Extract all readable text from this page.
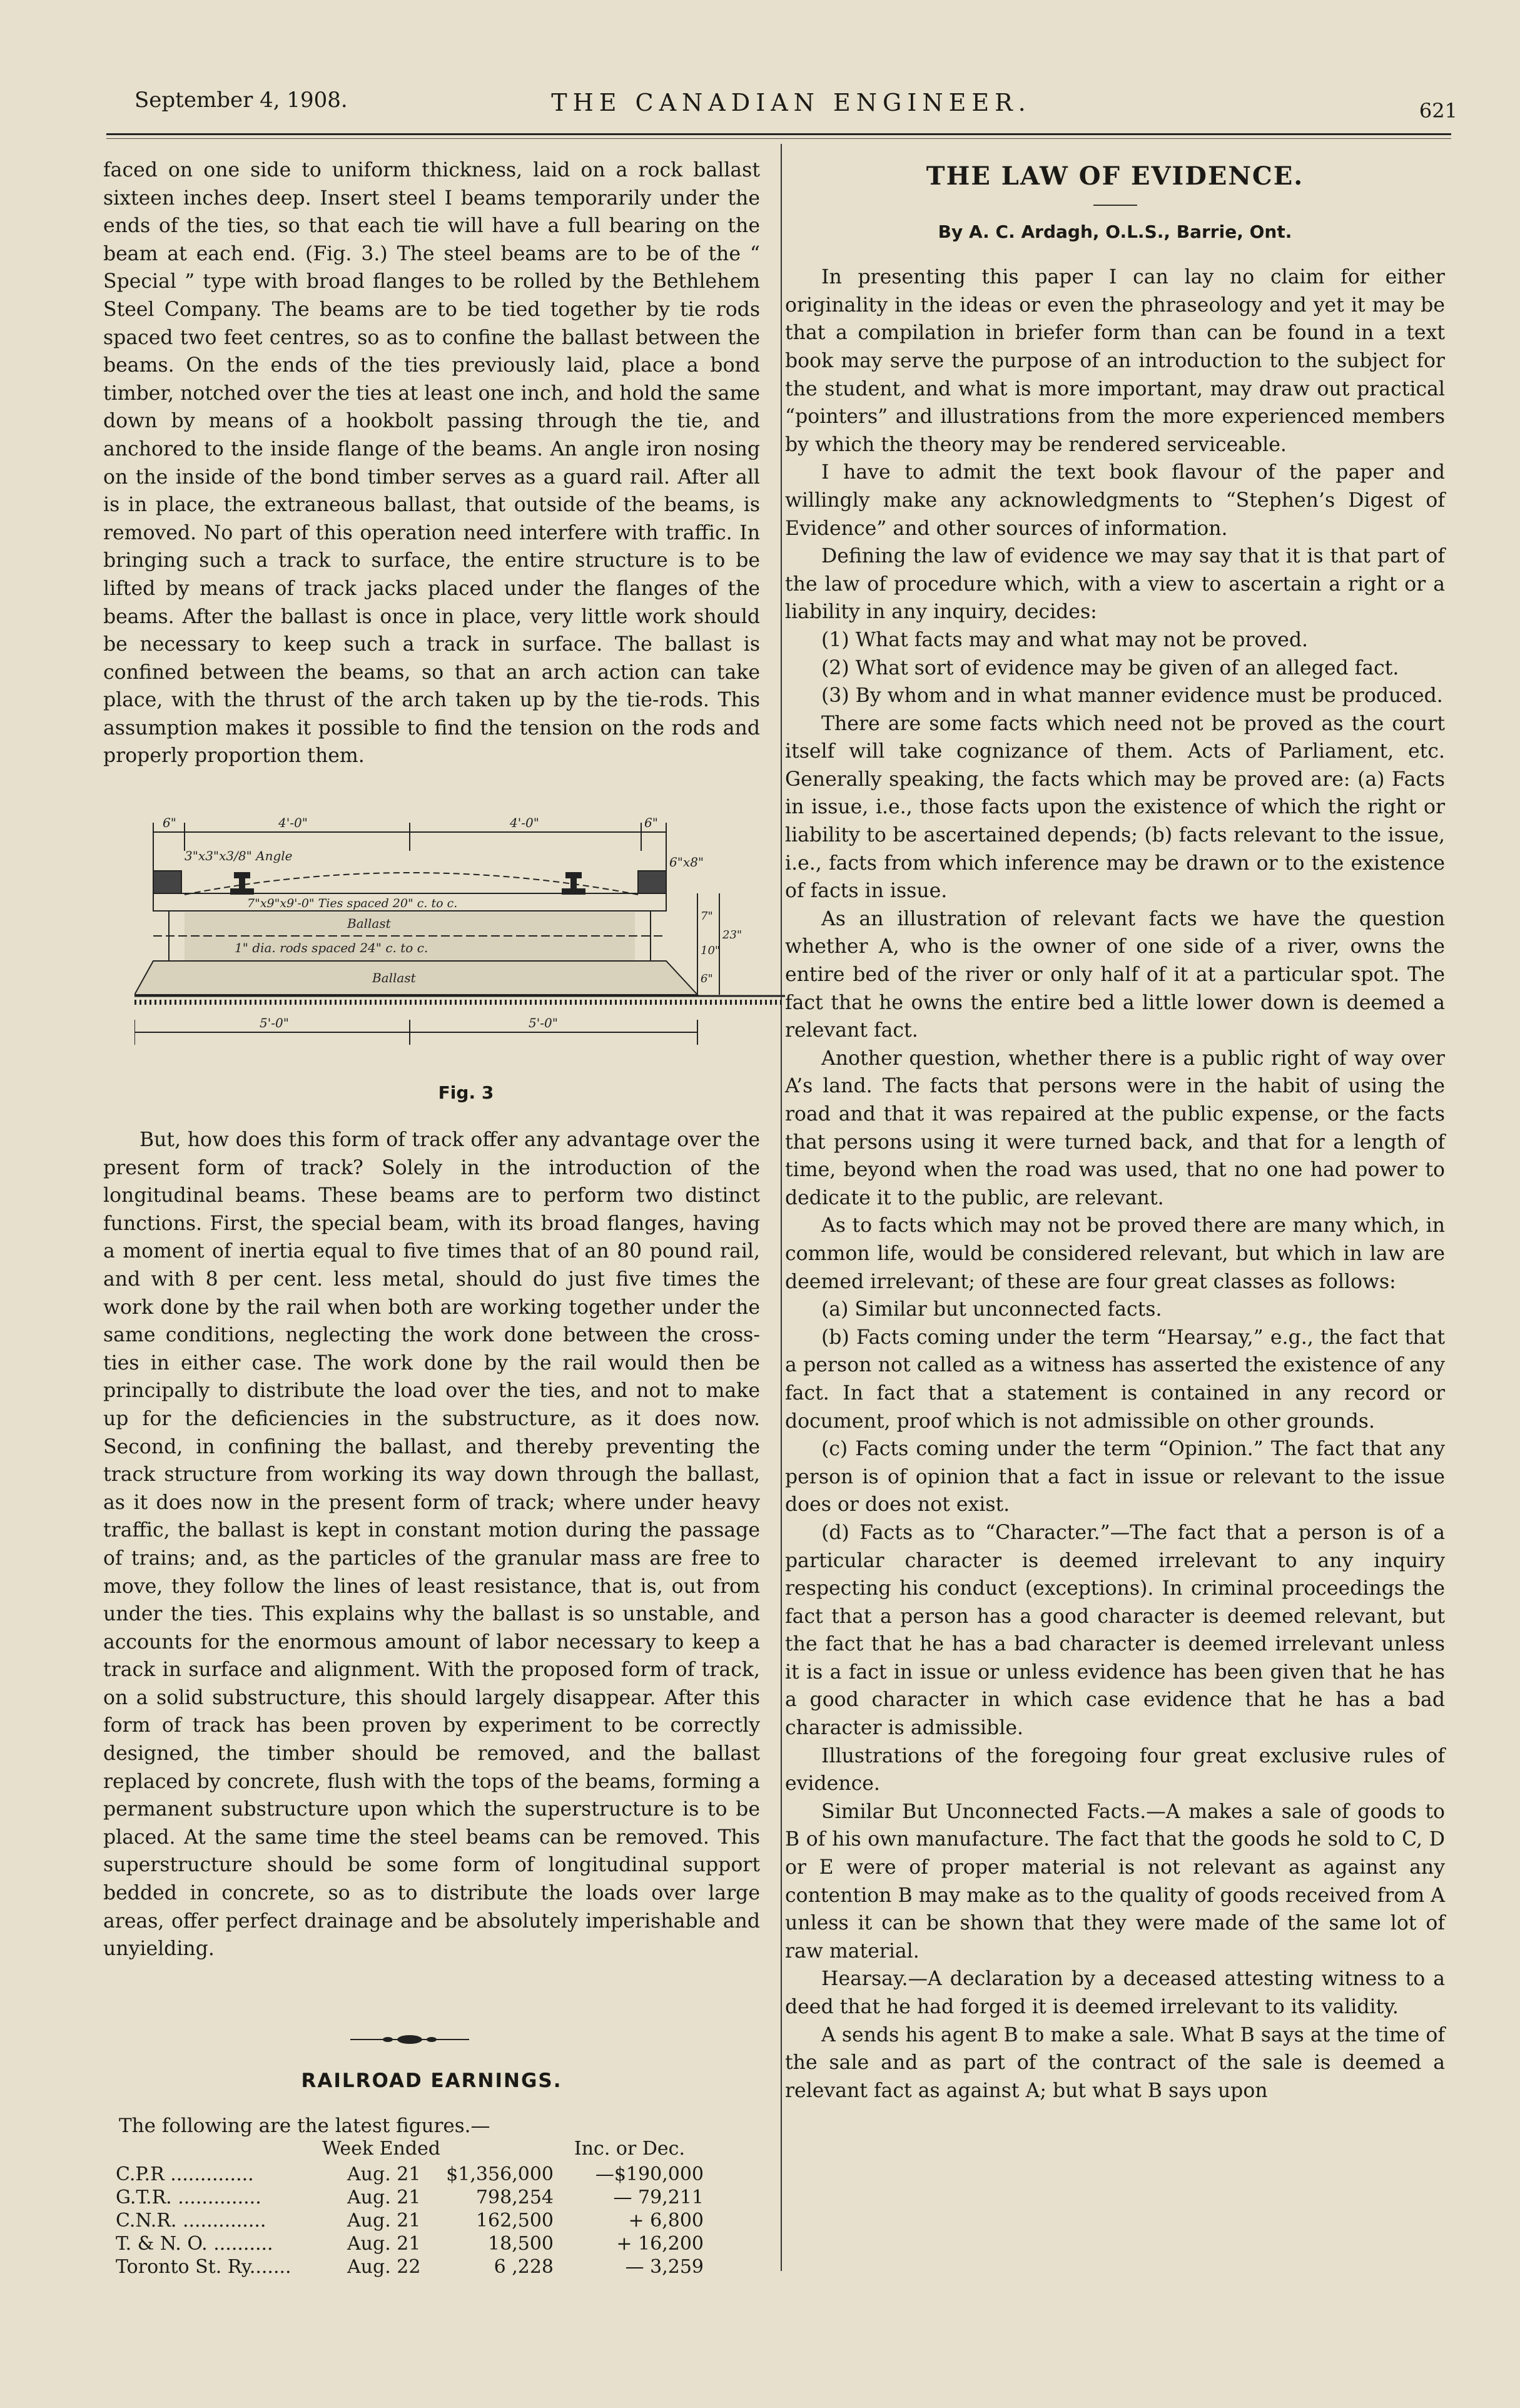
September 4, 1908.	THE CANADIAN ENGINEER.	621

faced on one side to uniform thickness, laid on a rock ballast sixteen inches deep. Insert steel I beams temporarily under the ends of the ties, so that each tie will have a full bearing on the beam at each end. (Fig. 3.) The steel beams are to be of the “ Special ” type with broad flanges to be rolled by the Bethlehem Steel Company. The beams are to be tied together by tie rods spaced two feet centres, so as to confine the ballast between the beams. On the ends of the ties previously laid, place a bond timber, notched over the ties at least one inch, and hold the same down by means of a hookbolt passing through the tie, and anchored to the inside flange of the beams. An angle iron nosing on the inside of the bond timber serves as a guard rail. After all is in place, the extraneous ballast, that outside of the beams, is removed. No part of this operation need interfere with traffic. In bringing such a track to surface, the entire structure is to be lifted by means of track jacks placed under the flanges of the beams. After the ballast is once in place, very little work should be necessary to keep such a track in surface. The ballast is confined between the beams, so that an arch action can take place, with the thrust of the arch taken up by the tie-rods. This assumption makes it possible to find the tension on the rods and properly proportion them.

6"	4'-0"	4'-0"	6"
3"x3"x3/8" Angle	6"x8"
7"x9"x9'-0" Ties spaced 20" c. to c.
Ballast
1" dia. rods spaced 24" c. to c.
Ballast
7"
10"
23"
6"
5'-0"	5'-0"
Fig. 3

But, how does this form of track offer any advantage over the present form of track? Solely in the introduction of the longitudinal beams. These beams are to perform two distinct functions. First, the special beam, with its broad flanges, having a moment of inertia equal to five times that of an 80 pound rail, and with 8 per cent. less metal, should do just five times the work done by the rail when both are working together under the same conditions, neglecting the work done between the cross-ties in either case. The work done by the rail would then be principally to distribute the load over the ties, and not to make up for the deficiencies in the substructure, as it does now. Second, in confining the ballast, and thereby preventing the track structure from working its way down through the ballast, as it does now in the present form of track; where under heavy traffic, the ballast is kept in constant motion during the passage of trains; and, as the particles of the granular mass are free to move, they follow the lines of least resistance, that is, out from under the ties. This explains why the ballast is so unstable, and accounts for the enormous amount of labor necessary to keep a track in surface and alignment. With the proposed form of track, on a solid substructure, this should largely disappear. After this form of track has been proven by experiment to be correctly designed, the timber should be removed, and the ballast replaced by concrete, flush with the tops of the beams, forming a permanent substructure upon which the superstructure is to be placed. At the same time the steel beams can be removed. This superstructure should be some form of longitudinal support bedded in concrete, so as to distribute the loads over large areas, offer perfect drainage and be absolutely imperishable and unyielding.

RAILROAD EARNINGS.
The following are the latest figures.—
Week Ended	Inc. or Dec.
C.P.R ..............	Aug. 21	$1,356,000	—$190,000
G.T.R. ..............	Aug. 21	798,254	— 79,211
C.N.R. ..............	Aug. 21	162,500	+ 6,800
T. & N. O. ..........	Aug. 21	18,500	+ 16,200
Toronto St. Ry.......	Aug. 22	6 ,228	— 3,259
THE LAW OF EVIDENCE.
By A. C. Ardagh, O.L.S., Barrie, Ont.

In presenting this paper I can lay no claim for either originality in the ideas or even the phraseology and yet it may be that a compilation in briefer form than can be found in a text book may serve the purpose of an introduction to the subject for the student, and what is more important, may draw out practical “pointers” and illustrations from the more experienced members by which the theory may be rendered serviceable.

I have to admit the text book flavour of the paper and willingly make any acknowledgments to “Stephen’s Digest of Evidence” and other sources of information.

Defining the law of evidence we may say that it is that part of the law of procedure which, with a view to ascertain a right or a liability in any inquiry, decides:

(1) What facts may and what may not be proved.

(2) What sort of evidence may be given of an alleged fact.

(3) By whom and in what manner evidence must be produced.

There are some facts which need not be proved as the court itself will take cognizance of them. Acts of Parliament, etc. Generally speaking, the facts which may be proved are: (a) Facts in issue, i.e., those facts upon the existence of which the right or liability to be ascertained depends; (b) facts relevant to the issue, i.e., facts from which inference may be drawn or to the existence of facts in issue.

As an illustration of relevant facts we have the question whether A, who is the owner of one side of a river, owns the entire bed of the river or only half of it at a particular spot. The fact that he owns the entire bed a little lower down is deemed a relevant fact.

Another question, whether there is a public right of way over A’s land. The facts that persons were in the habit of using the road and that it was repaired at the public expense, or the facts that persons using it were turned back, and that for a length of time, beyond when the road was used, that no one had power to dedicate it to the public, are relevant.

As to facts which may not be proved there are many which, in common life, would be considered relevant, but which in law are deemed irrelevant; of these are four great classes as follows:

(a) Similar but unconnected facts.

(b) Facts coming under the term “Hearsay,” e.g., the fact that a person not called as a witness has asserted the existence of any fact. In fact that a statement is contained in any record or document, proof which is not admissible on other grounds.

(c) Facts coming under the term “Opinion.” The fact that any person is of opinion that a fact in issue or relevant to the issue does or does not exist.

(d) Facts as to “Character.”—The fact that a person is of a particular character is deemed irrelevant to any inquiry respecting his conduct (exceptions). In criminal proceedings the fact that a person has a good character is deemed relevant, but the fact that he has a bad character is deemed irrelevant unless it is a fact in issue or unless evidence has been given that he has a good character in which case evidence that he has a bad character is admissible.

Illustrations of the foregoing four great exclusive rules of evidence.

Similar But Unconnected Facts.—A makes a sale of goods to B of his own manufacture. The fact that the goods he sold to C, D or E were of proper material is not relevant as against any contention B may make as to the quality of goods received from A unless it can be shown that they were made of the same lot of raw material.

Hearsay.—A declaration by a deceased attesting witness to a deed that he had forged it is deemed irrelevant to its validity.

A sends his agent B to make a sale. What B says at the time of the sale and as part of the contract of the sale is deemed a relevant fact as against A; but what B says upon
